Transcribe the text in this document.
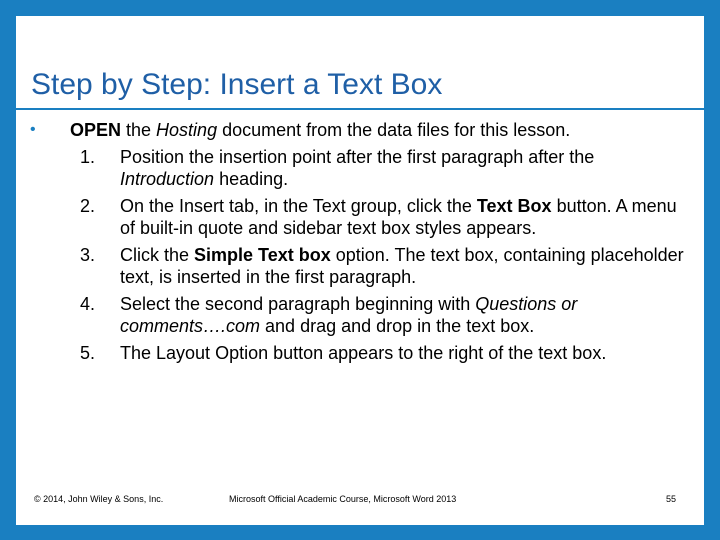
Step by Step: Insert a Text Box
• OPEN the Hosting document from the data files for this lesson.
1. Position the insertion point after the first paragraph after the Introduction heading.
2. On the Insert tab, in the Text group, click the Text Box button. A menu of built-in quote and sidebar text box styles appears.
3. Click the Simple Text box option. The text box, containing placeholder text, is inserted in the first paragraph.
4. Select the second paragraph beginning with Questions or comments….com and drag and drop in the text box.
5. The Layout Option button appears to the right of the text box.
© 2014, John Wiley & Sons, Inc.	Microsoft Official Academic Course, Microsoft Word 2013	55
